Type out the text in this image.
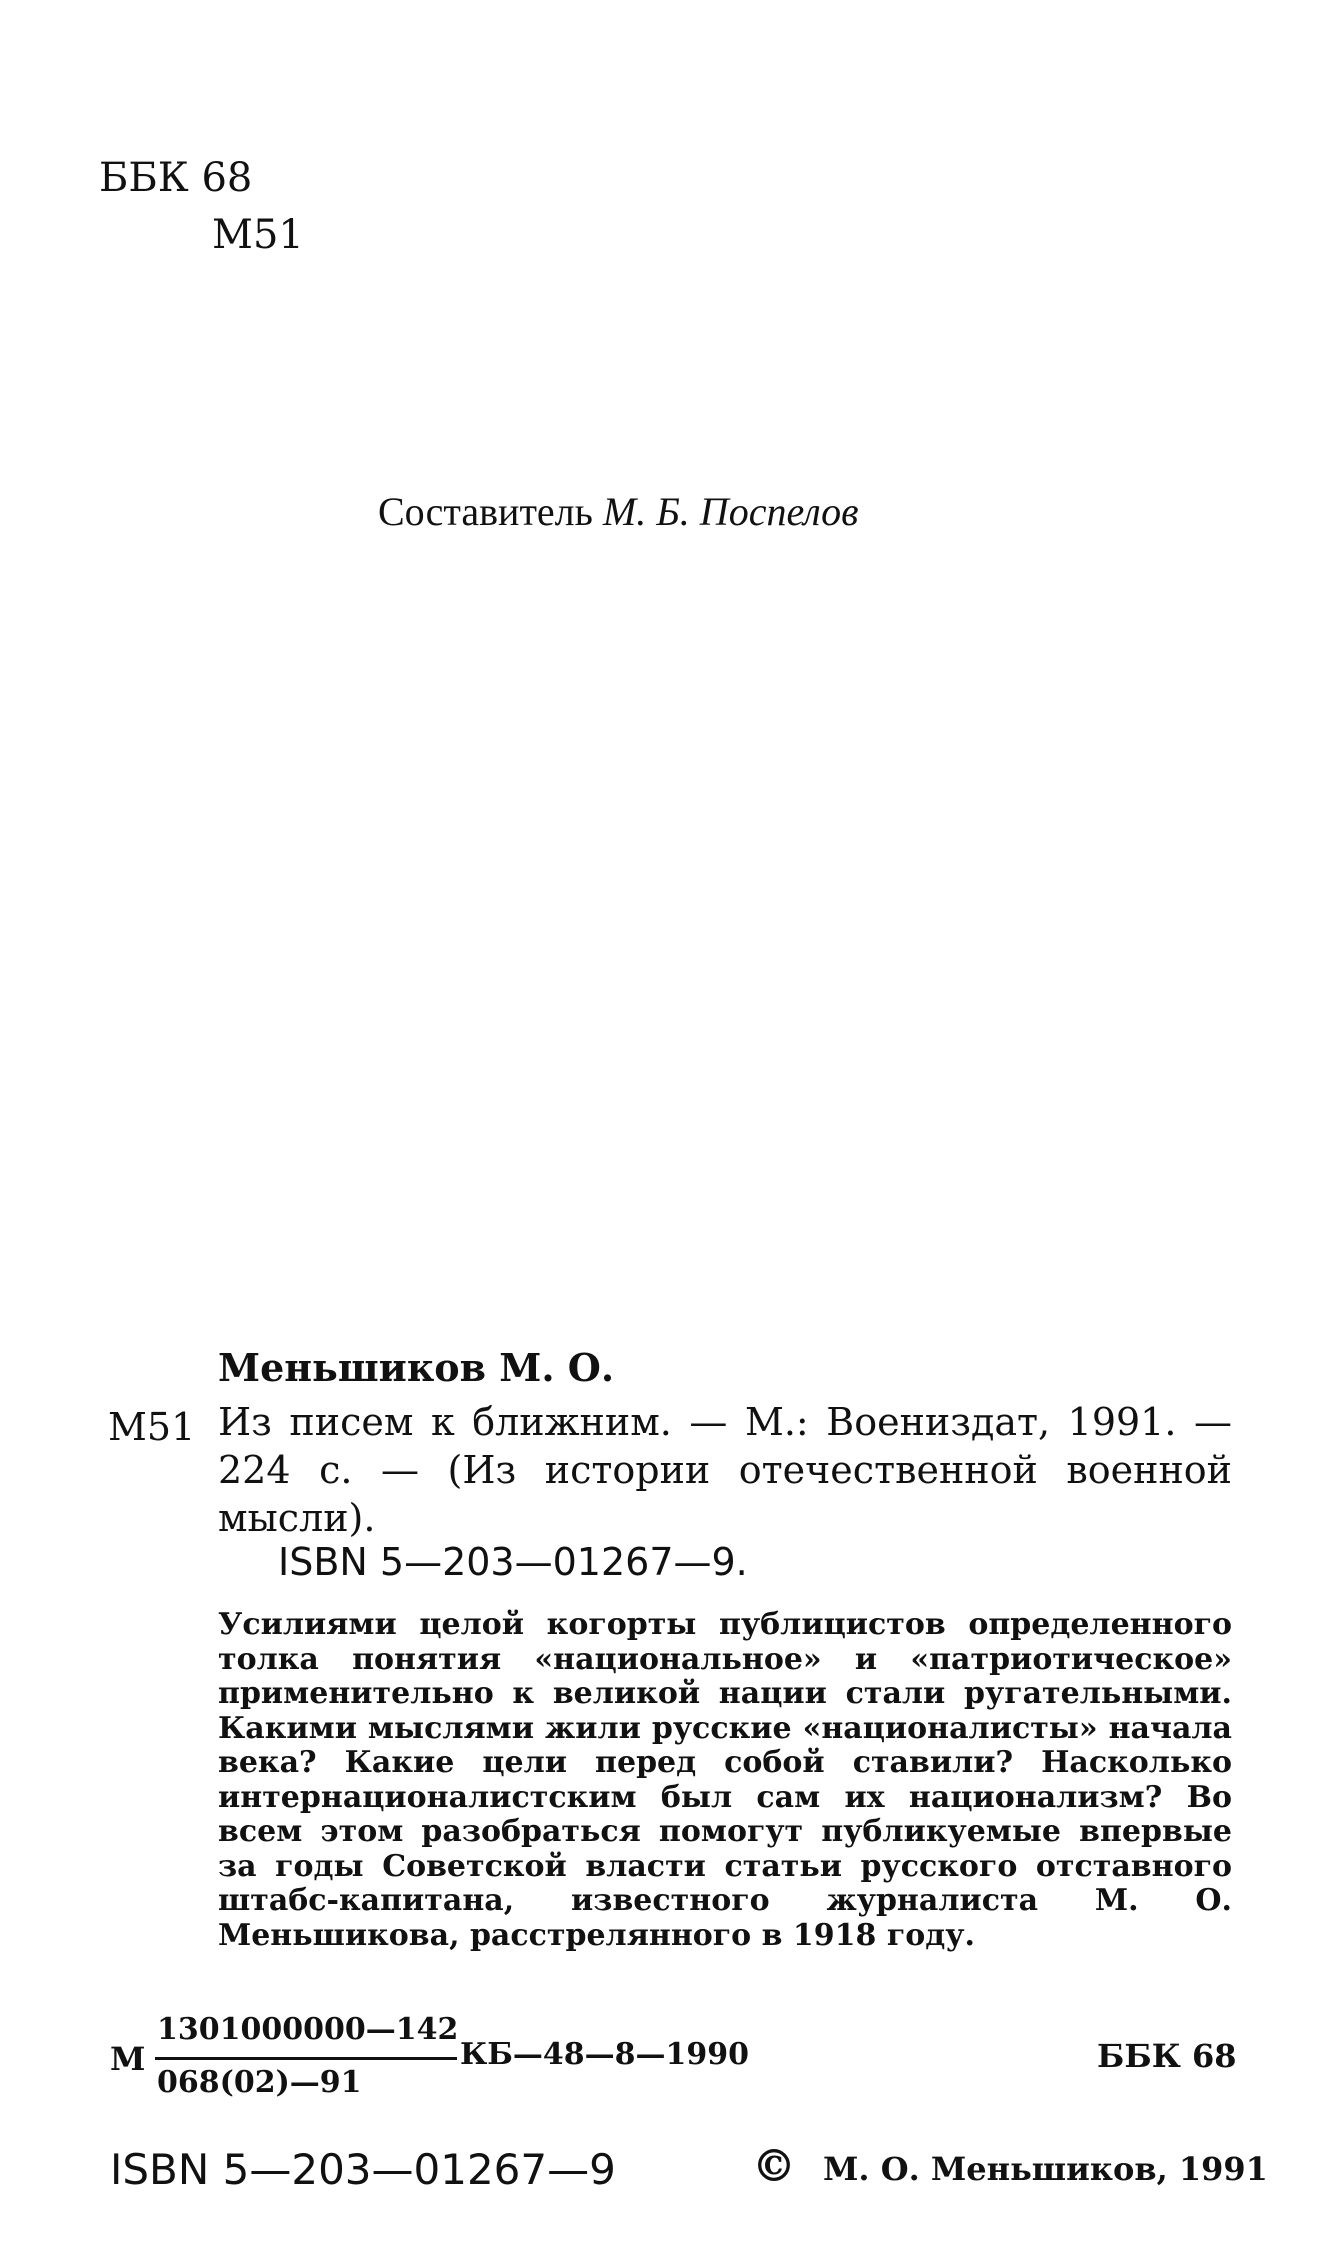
ББК 68
М51
Составитель М. Б. Поспелов
Меньшиков М. О.
М51 Из писем к ближним. — М.: Воениздат, 1991. — 224 с. — (Из истории отечественной военной мысли).
ISBN 5—203—01267—9.
Усилиями целой когорты публицистов определенного толка понятия «национальное» и «патриотическое» применительно к великой нации стали ругательными. Какими мыслями жили русские «националисты» начала века? Какие цели перед собой ставили? Насколько интернационалистским был сам их национализм? Во всем этом разобраться помогут публикуемые впервые за годы Советской власти статьи русского отставного штабс-капитана, известного журналиста М. О. Меньшикова, расстрелянного в 1918 году.
М
1301000000—142
068(02)—91
КБ—48—8—1990	ББК 68
ISBN 5—203—01267—9	© М. О. Меньшиков, 1991
